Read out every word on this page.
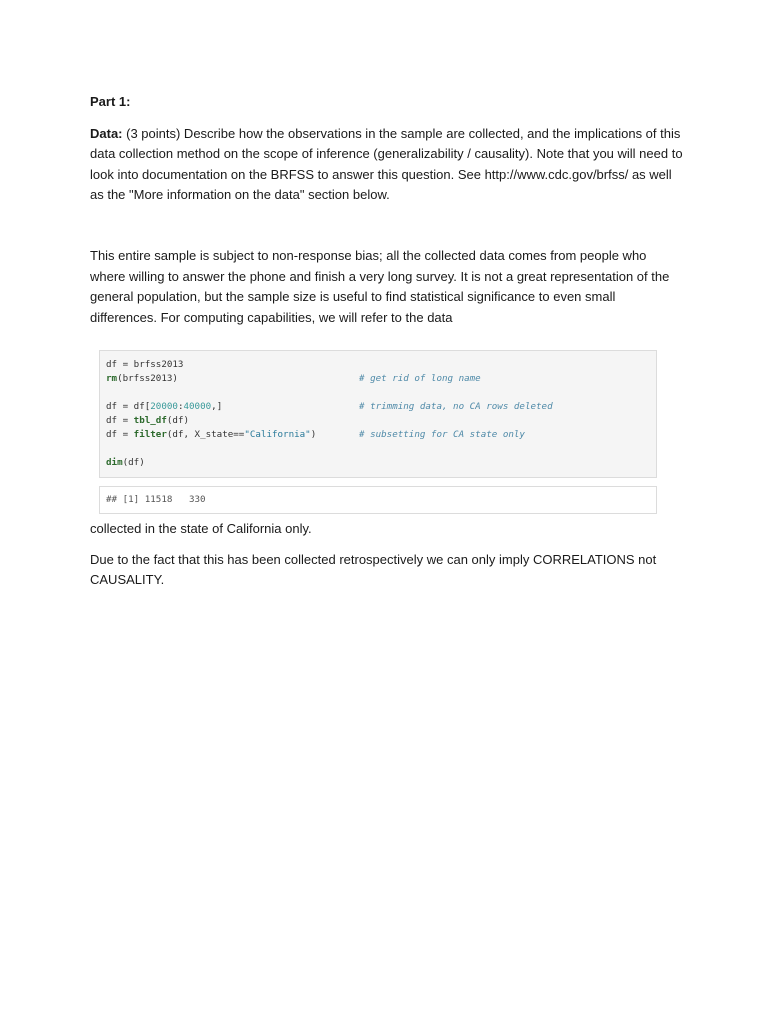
Part 1:

Data: (3 points) Describe how the observations in the sample are collected, and the implications of this data collection method on the scope of inference (generalizability / causality). Note that you will need to look into documentation on the BRFSS to answer this question. See http://www.cdc.gov/brfss/ as well as the "More information on the data" section below.

This entire sample is subject to non-response bias; all the collected data comes from people who where willing to answer the phone and finish a very long survey. It is not a great representation of the general population, but the sample size is useful to find statistical significance to even small differences. For computing capabilities, we will refer to the data

df = brfss2013
rm(brfss2013)	# get rid of long name
df = df[20000:40000,]	# trimming data, no CA rows deleted
df = tbl_df(df)
df = filter(df, X_state=="California")	# subsetting for CA state only
dim(df)
## [1] 11518   330

collected in the state of California only.

Due to the fact that this has been collected retrospectively we can only imply CORRELATIONS not CAUSALITY.
